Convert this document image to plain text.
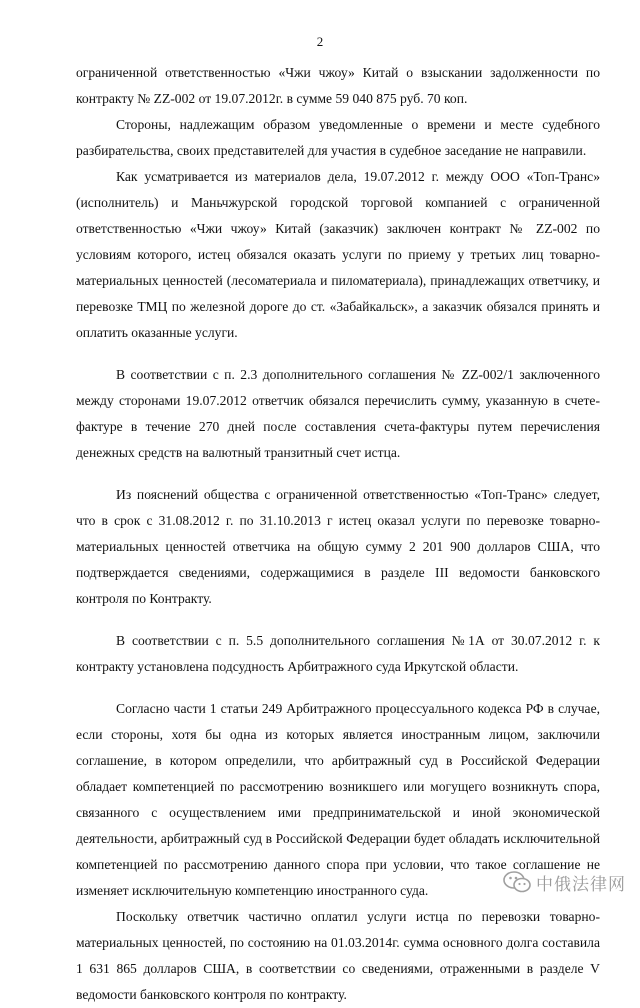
2

ограниченной ответственностью «Чжи чжоу» Китай о взыскании задолженности по контракту № ZZ-002 от 19.07.2012г. в сумме 59 040 875 руб. 70 коп.

Стороны, надлежащим образом уведомленные о времени и месте судебного разбирательства, своих представителей для участия в судебное заседание не направили.

Как усматривается из материалов дела, 19.07.2012 г. между ООО «Топ-Транс» (исполнитель) и Маньчжурской городской торговой компанией с ограниченной ответственностью «Чжи чжоу» Китай (заказчик) заключен контракт № ZZ-002 по условиям которого, истец обязался оказать услуги по приему у третьих лиц товарно-материальных ценностей (лесоматериала и пиломатериала), принадлежащих ответчику, и перевозке ТМЦ по железной дороге до ст. «Забайкальск», а заказчик обязался принять и оплатить оказанные услуги.

В соответствии с п. 2.3 дополнительного соглашения № ZZ-002/1 заключенного между сторонами 19.07.2012 ответчик обязался перечислить сумму, указанную в счете-фактуре в течение 270 дней после составления счета-фактуры путем перечисления денежных средств на валютный транзитный счет истца.

Из пояснений общества с ограниченной ответственностью «Топ-Транс» следует, что в срок с 31.08.2012 г. по 31.10.2013 г истец оказал услуги по перевозке товарно-материальных ценностей ответчика на общую сумму 2 201 900 долларов США, что подтверждается сведениями, содержащимися в разделе III ведомости банковского контроля по Контракту.

В соответствии с п. 5.5 дополнительного соглашения №1А от 30.07.2012 г. к контракту установлена подсудность Арбитражного суда Иркутской области.

Согласно части 1 статьи 249 Арбитражного процессуального кодекса РФ в случае, если стороны, хотя бы одна из которых является иностранным лицом, заключили соглашение, в котором определили, что арбитражный суд в Российской Федерации обладает компетенцией по рассмотрению возникшего или могущего возникнуть спора, связанного с осуществлением ими предпринимательской и иной экономической деятельности, арбитражный суд в Российской Федерации будет обладать исключительной компетенцией по рассмотрению данного спора при условии, что такое соглашение не изменяет исключительную компетенцию иностранного суда.

Поскольку ответчик частично оплатил услуги истца по перевозки товарно-материальных ценностей, по состоянию на 01.03.2014г. сумма основного долга составила 1 631 865 долларов США, в соответствии со сведениями, отраженными в разделе V ведомости банковского контроля по контракту.

中俄法律网
